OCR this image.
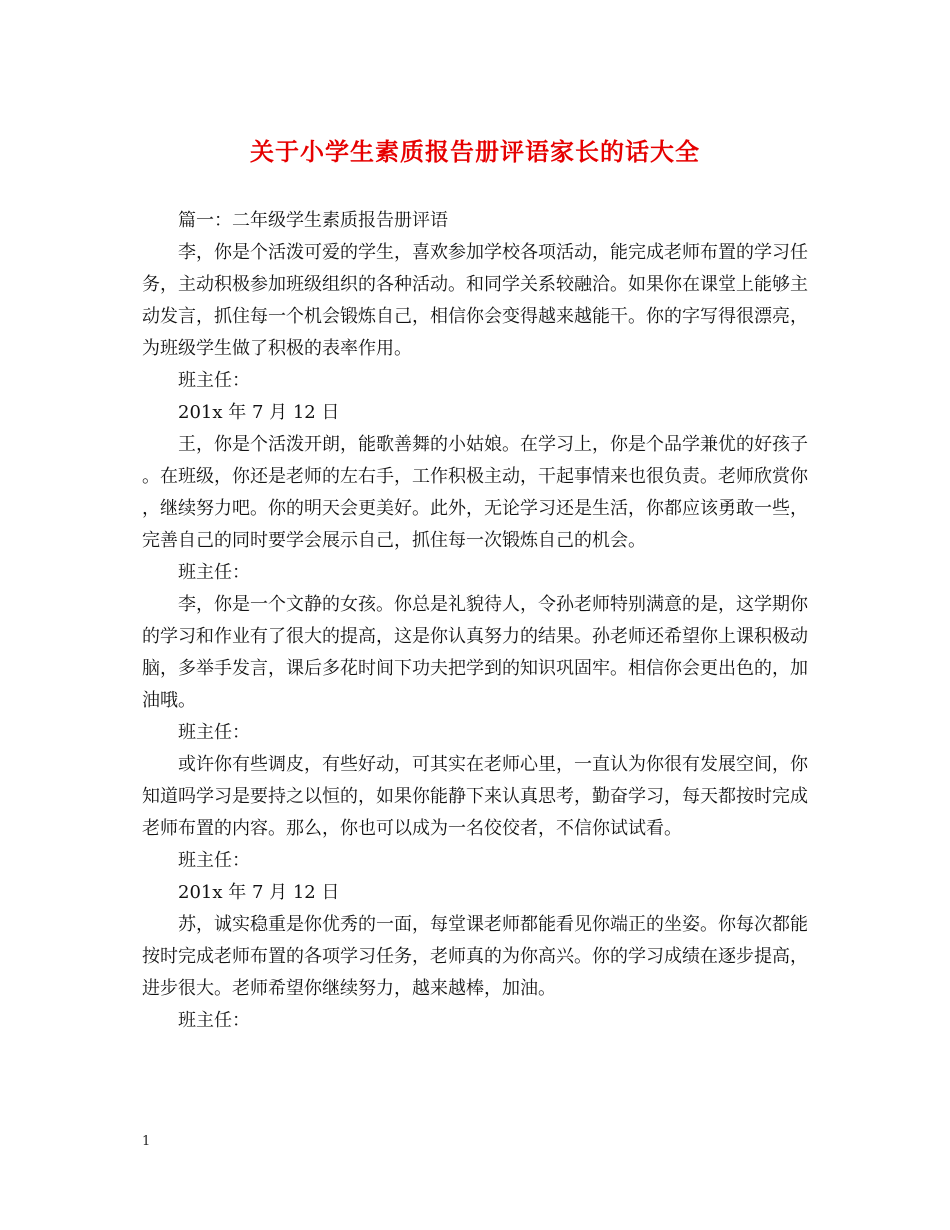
关于小学生素质报告册评语家长的话大全

篇一：二年级学生素质报告册评语

李，你是个活泼可爱的学生，喜欢参加学校各项活动，能完成老师布置的学习任务，主动积极参加班级组织的各种活动。和同学关系较融洽。如果你在课堂上能够主动发言，抓住每一个机会锻炼自己，相信你会变得越来越能干。你的字写得很漂亮，为班级学生做了积极的表率作用。

班主任：

201x 年 7 月 12 日

王，你是个活泼开朗，能歌善舞的小姑娘。在学习上，你是个品学兼优的好孩子。在班级，你还是老师的左右手，工作积极主动，干起事情来也很负责。老师欣赏你，继续努力吧。你的明天会更美好。此外，无论学习还是生活，你都应该勇敢一些，完善自己的同时要学会展示自己，抓住每一次锻炼自己的机会。

班主任：

李，你是一个文静的女孩。你总是礼貌待人，令孙老师特别满意的是，这学期你的学习和作业有了很大的提高，这是你认真努力的结果。孙老师还希望你上课积极动脑，多举手发言，课后多花时间下功夫把学到的知识巩固牢。相信你会更出色的，加油哦。

班主任：

或许你有些调皮，有些好动，可其实在老师心里，一直认为你很有发展空间，你知道吗学习是要持之以恒的，如果你能静下来认真思考，勤奋学习，每天都按时完成老师布置的内容。那么，你也可以成为一名佼佼者，不信你试试看。

班主任：

201x 年 7 月 12 日

苏，诚实稳重是你优秀的一面，每堂课老师都能看见你端正的坐姿。你每次都能按时完成老师布置的各项学习任务，老师真的为你高兴。你的学习成绩在逐步提高，进步很大。老师希望你继续努力，越来越棒，加油。

班主任：

1
